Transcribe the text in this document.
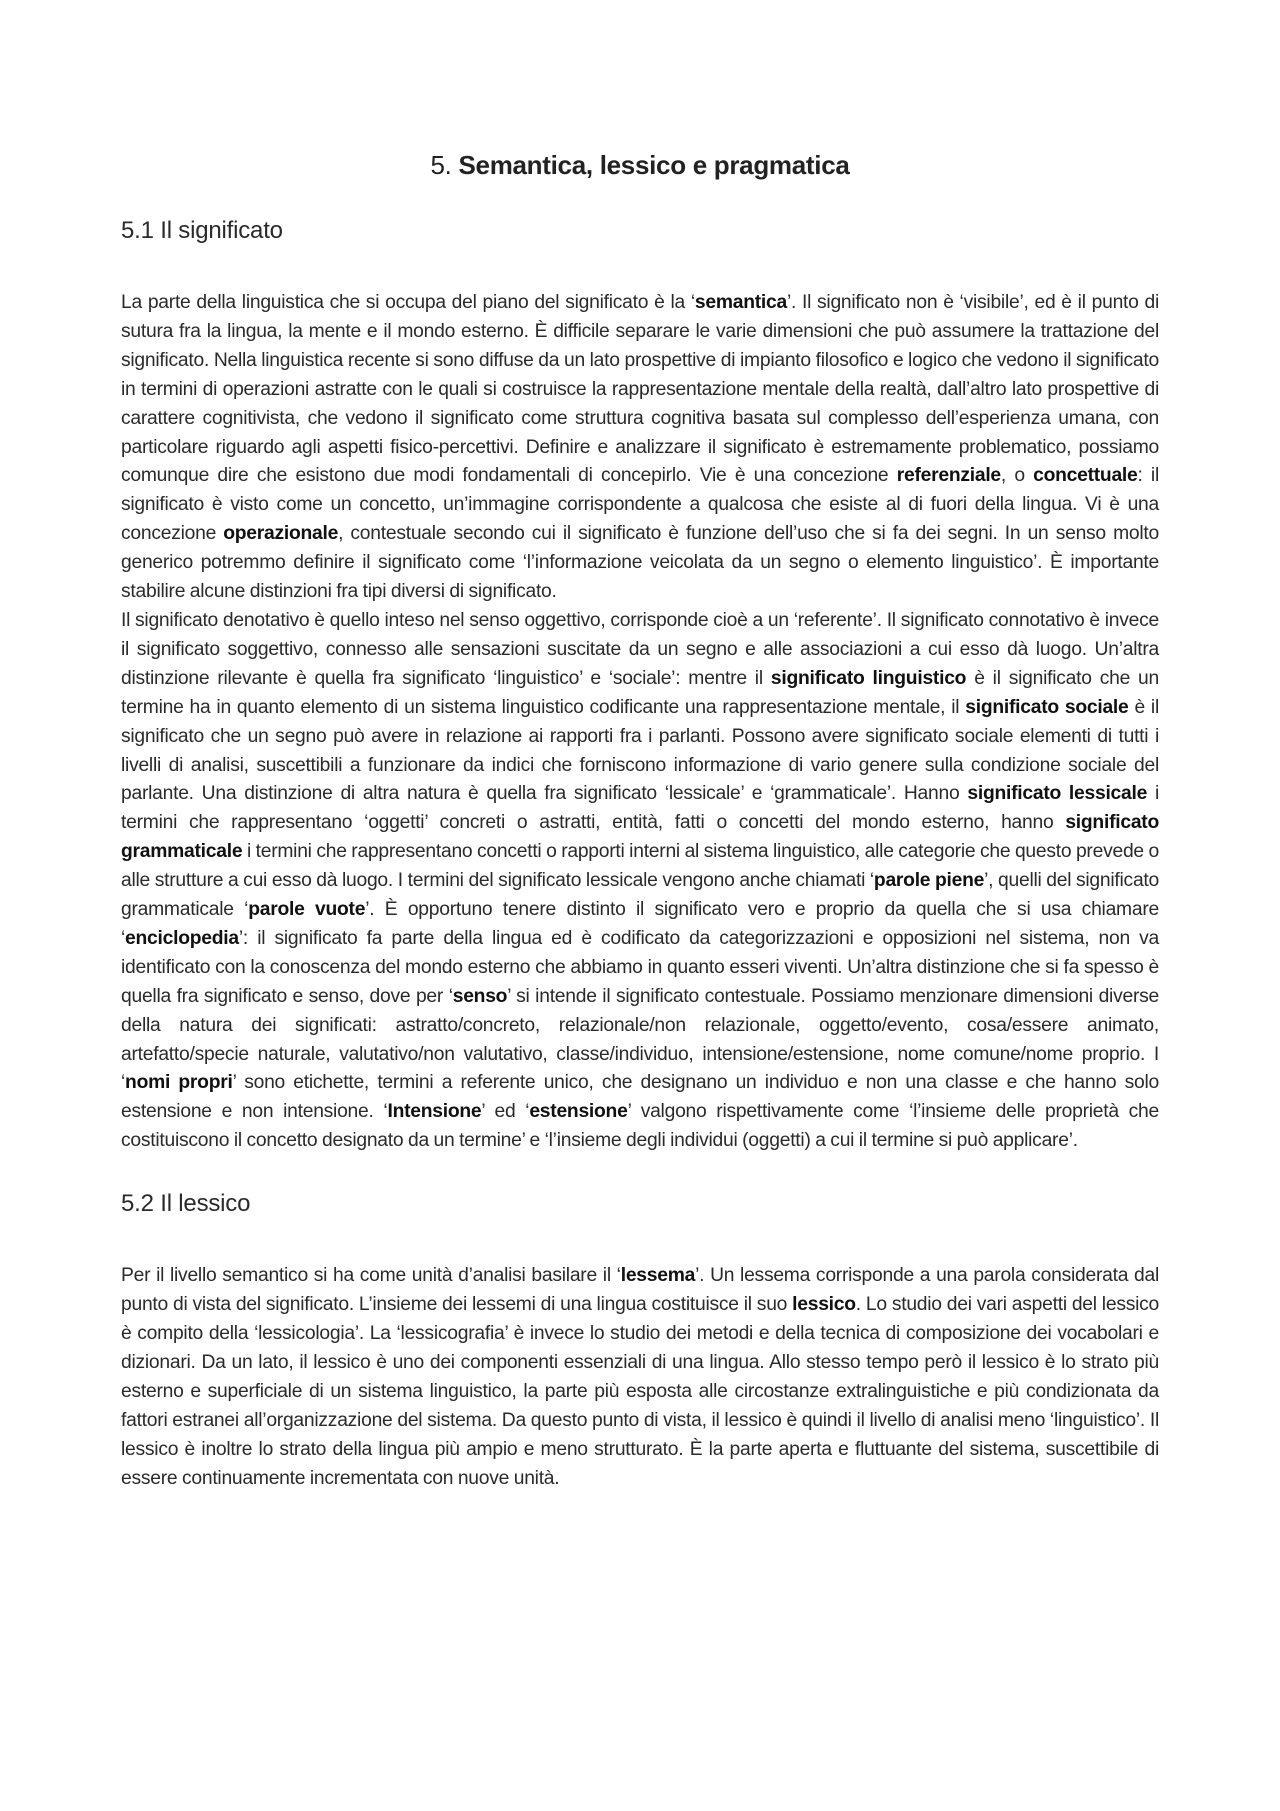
5. Semantica, lessico e pragmatica
5.1 Il significato

La parte della linguistica che si occupa del piano del significato è la ‘semantica’. Il significato non è ‘visibile’, ed è il punto di sutura fra la lingua, la mente e il mondo esterno. È difficile separare le varie dimensioni che può assumere la trattazione del significato. Nella linguistica recente si sono diffuse da un lato prospettive di impianto filosofico e logico che vedono il significato in termini di operazioni astratte con le quali si costruisce la rappresentazione mentale della realtà, dall’altro lato prospettive di carattere cognitivista, che vedono il significato come struttura cognitiva basata sul complesso dell’esperienza umana, con particolare riguardo agli aspetti fisico-percettivi. Definire e analizzare il significato è estremamente problematico, possiamo comunque dire che esistono due modi fondamentali di concepirlo. Vie è una concezione referenziale, o concettuale: il significato è visto come un concetto, un’immagine corrispondente a qualcosa che esiste al di fuori della lingua. Vi è una concezione operazionale, contestuale secondo cui il significato è funzione dell’uso che si fa dei segni. In un senso molto generico potremmo definire il significato come ‘l’informazione veicolata da un segno o elemento linguistico’. È importante stabilire alcune distinzioni fra tipi diversi di significato.

Il significato denotativo è quello inteso nel senso oggettivo, corrisponde cioè a un ‘referente’. Il significato connotativo è invece il significato soggettivo, connesso alle sensazioni suscitate da un segno e alle associazioni a cui esso dà luogo. Un’altra distinzione rilevante è quella fra significato ‘linguistico’ e ‘sociale’: mentre il significato linguistico è il significato che un termine ha in quanto elemento di un sistema linguistico codificante una rappresentazione mentale, il significato sociale è il significato che un segno può avere in relazione ai rapporti fra i parlanti. Possono avere significato sociale elementi di tutti i livelli di analisi, suscettibili a funzionare da indici che forniscono informazione di vario genere sulla condizione sociale del parlante. Una distinzione di altra natura è quella fra significato ‘lessicale’ e ‘grammaticale’. Hanno significato lessicale i termini che rappresentano ‘oggetti’ concreti o astratti, entità, fatti o concetti del mondo esterno, hanno significato grammaticale i termini che rappresentano concetti o rapporti interni al sistema linguistico, alle categorie che questo prevede o alle strutture a cui esso dà luogo. I termini del significato lessicale vengono anche chiamati ‘parole piene’, quelli del significato grammaticale ‘parole vuote’. È opportuno tenere distinto il significato vero e proprio da quella che si usa chiamare ‘enciclopedia’: il significato fa parte della lingua ed è codificato da categorizzazioni e opposizioni nel sistema, non va identificato con la conoscenza del mondo esterno che abbiamo in quanto esseri viventi. Un’altra distinzione che si fa spesso è quella fra significato e senso, dove per ‘senso’ si intende il significato contestuale. Possiamo menzionare dimensioni diverse della natura dei significati: astratto/concreto, relazionale/non relazionale, oggetto/evento, cosa/essere animato, artefatto/specie naturale, valutativo/non valutativo, classe/individuo, intensione/estensione, nome comune/nome proprio. I ‘nomi propri’ sono etichette, termini a referente unico, che designano un individuo e non una classe e che hanno solo estensione e non intensione. ‘Intensione’ ed ‘estensione’ valgono rispettivamente come ‘l’insieme delle proprietà che costituiscono il concetto designato da un termine’ e ‘l’insieme degli individui (oggetti) a cui il termine si può applicare’.

5.2 Il lessico

Per il livello semantico si ha come unità d’analisi basilare il ‘lessema’. Un lessema corrisponde a una parola considerata dal punto di vista del significato. L’insieme dei lessemi di una lingua costituisce il suo lessico. Lo studio dei vari aspetti del lessico è compito della ‘lessicologia’. La ‘lessicografia’ è invece lo studio dei metodi e della tecnica di composizione dei vocabolari e dizionari. Da un lato, il lessico è uno dei componenti essenziali di una lingua. Allo stesso tempo però il lessico è lo strato più esterno e superficiale di un sistema linguistico, la parte più esposta alle circostanze extralinguistiche e più condizionata da fattori estranei all’organizzazione del sistema. Da questo punto di vista, il lessico è quindi il livello di analisi meno ‘linguistico’. Il lessico è inoltre lo strato della lingua più ampio e meno strutturato. È la parte aperta e fluttuante del sistema, suscettibile di essere continuamente incrementata con nuove unità.
